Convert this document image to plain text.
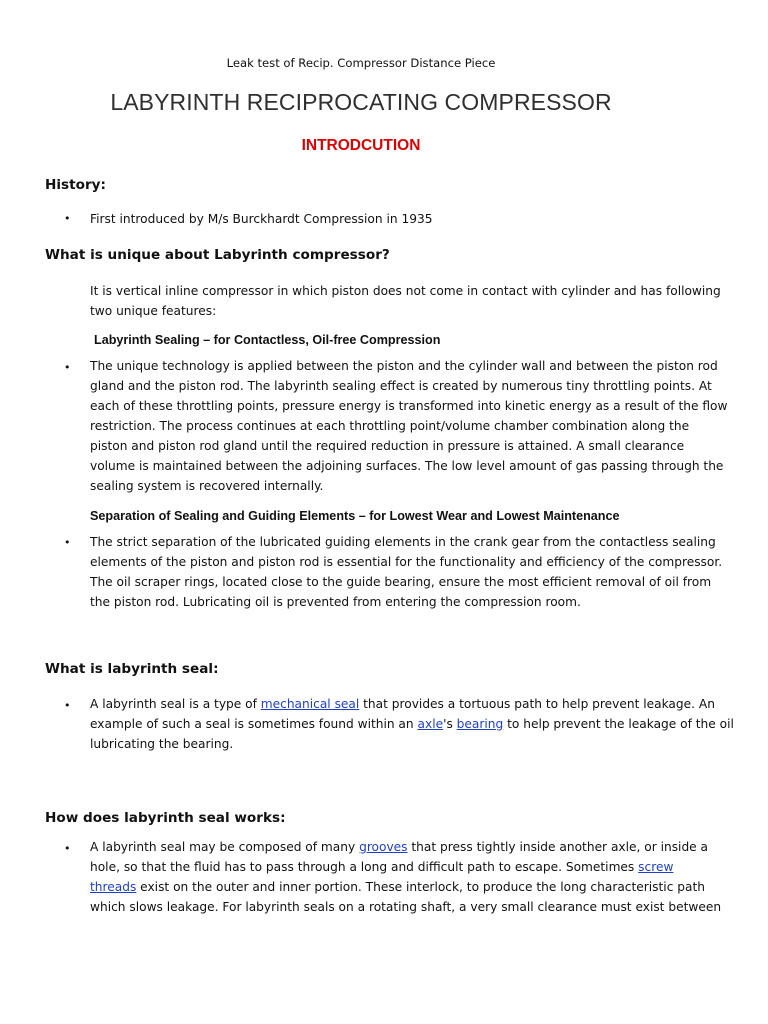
Leak test of Recip. Compressor Distance Piece
LABYRINTH RECIPROCATING COMPRESSOR
INTRODCUTION
History:
• First introduced by M/s Burckhardt Compression in 1935
What is unique about Labyrinth compressor?
It is vertical inline compressor in which piston does not come in contact with cylinder and has following
two unique features:
Labyrinth Sealing – for Contactless, Oil-free Compression
• The unique technology is applied between the piston and the cylinder wall and between the piston rod
gland and the piston rod. The labyrinth sealing effect is created by numerous tiny throttling points. At
each of these throttling points, pressure energy is transformed into kinetic energy as a result of the flow
restriction. The process continues at each throttling point/volume chamber combination along the
piston and piston rod gland until the required reduction in pressure is attained. A small clearance
volume is maintained between the adjoining surfaces. The low level amount of gas passing through the
sealing system is recovered internally.
Separation of Sealing and Guiding Elements – for Lowest Wear and Lowest Maintenance
• The strict separation of the lubricated guiding elements in the crank gear from the contactless sealing
elements of the piston and piston rod is essential for the functionality and efficiency of the compressor.
The oil scraper rings, located close to the guide bearing, ensure the most efficient removal of oil from
the piston rod. Lubricating oil is prevented from entering the compression room.
What is labyrinth seal:
• A labyrinth seal is a type of mechanical seal that provides a tortuous path to help prevent leakage. An
example of such a seal is sometimes found within an axle's bearing to help prevent the leakage of the oil
lubricating the bearing.
How does labyrinth seal works:
• A labyrinth seal may be composed of many grooves that press tightly inside another axle, or inside a
hole, so that the fluid has to pass through a long and difficult path to escape. Sometimes screw
threads exist on the outer and inner portion. These interlock, to produce the long characteristic path
which slows leakage. For labyrinth seals on a rotating shaft, a very small clearance must exist between
